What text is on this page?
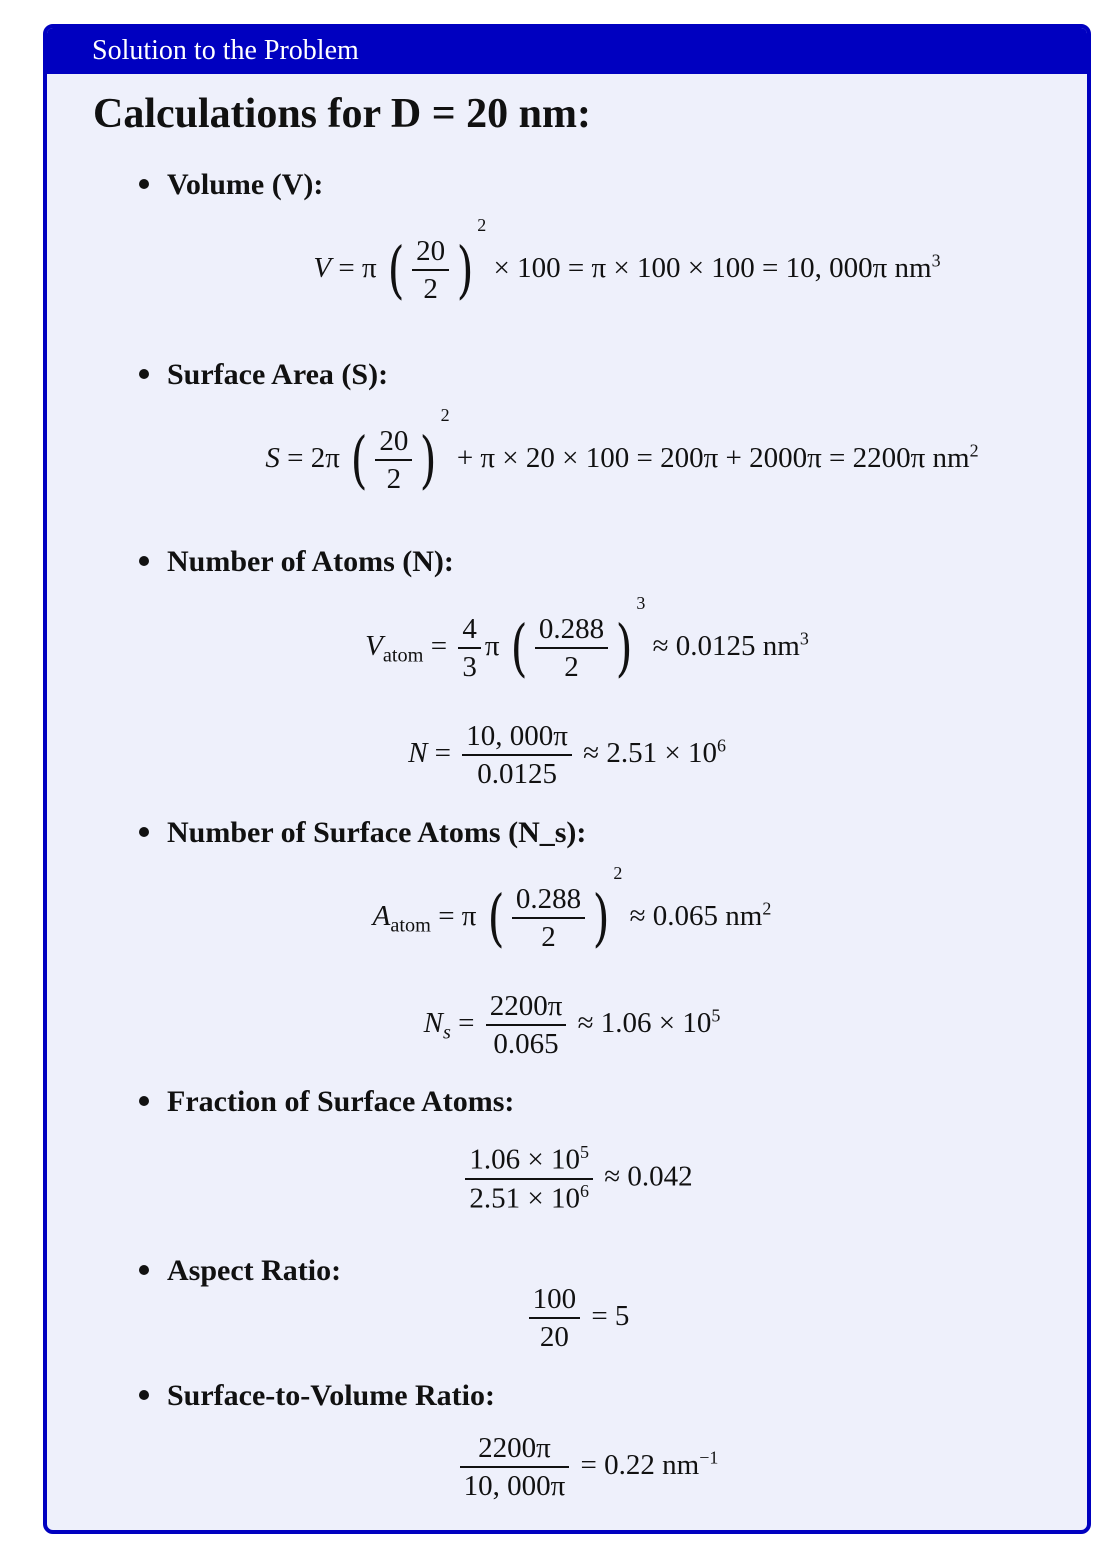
Solution to the Problem
Calculations for D = 20 nm:
Volume (V):
V = π ( $\frac{20}{2} )^2 \times 100 = \pi \times 100 \times 100 = 10$, 000π $nm^3$
Surface Area (S):
S = 2π ( $\frac{20}{2} )^2 + \pi \times 20 \times 100 = 200\pi + 2000\pi = 2200\pi$ $nm^2$
Number of Atoms (N):
$V_{atom} = \frac{4}{3}$ π ( $\frac{0.288}{2} )^3 \approx 0.0125$ $nm^3$
$N = \frac{10, 000\pi}{0.0125} \approx 2.51 \times 10^6$
Number of Surface Atoms (N_s):
$A_{atom} = \pi$ ( $\frac{0.288}{2} )^2 \approx 0.065$ $nm^2$
$N_s = \frac{2200\pi}{0.065} \approx 1.06 \times 10^5$
Fraction of Surface Atoms:
$\frac{1.06 \times 10^5}{2.51 \times 10^6} \approx 0.042$
Aspect Ratio:
$\frac{100}{20} = 5$
Surface-to-Volume Ratio:
$\frac{2200\pi}{10, 000\pi} = 0.22$ $nm^{-1}$
